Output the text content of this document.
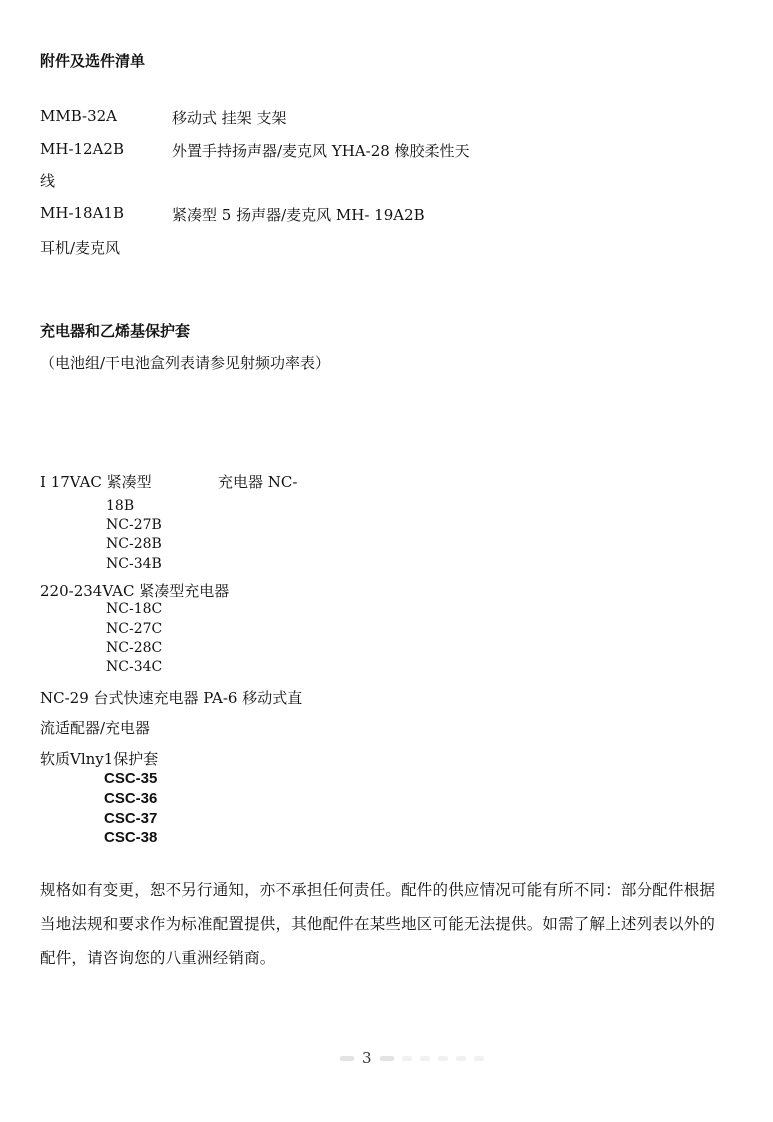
附件及选件清单
MMB-32A	移动式 挂架 支架
MH-12A2B	外置手持扬声器/麦克风 YHA-28 橡胶柔性天
线
MH-18A1B	紧凑型 5 扬声器/麦克风 MH- 19A2B
耳机/麦克风
充电器和乙烯基保护套
（电池组/干电池盒列表请参见射频功率表）
I 17VAC 紧凑型	充电器 NC-
18B
NC-27B
NC-28B
NC-34B
220-234VAC 紧凑型充电器
NC-18C
NC-27C
NC-28C
NC-34C
NC-29 台式快速充电器 PA-6 移动式直
流适配器/充电器
软质Vlny1保护套
CSC-35
CSC-36
CSC-37
CSC-38
规格如有变更，恕不另行通知，亦不承担任何责任。配件的供应情况可能有所不同：部分配件根据当地法规和要求作为标准配置提供，其他配件在某些地区可能无法提供。如需了解上述列表以外的配件，请咨询您的八重洲经销商。
3
